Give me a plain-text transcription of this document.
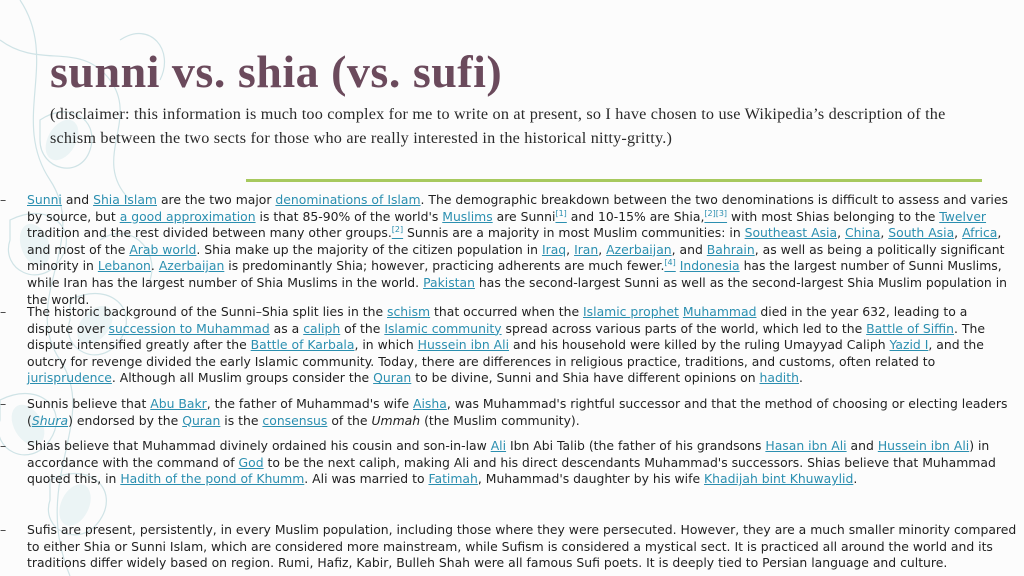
sunni vs. shia (vs. sufi)
(disclaimer: this information is much too complex for me to write on at present, so I have chosen to use Wikipedia’s description of the schism between the two sects for those who are really interested in the historical nitty-gritty.)
–	Sunni and Shia Islam are the two major denominations of Islam. The demographic breakdown between the two denominations is difficult to assess and varies by source, but a good approximation is that 85-90% of the world's Muslims are Sunni[1] and 10-15% are Shia,[2][3] with most Shias belonging to the Twelver tradition and the rest divided between many other groups.[2] Sunnis are a majority in most Muslim communities: in Southeast Asia, China, South Asia, Africa, and most of the Arab world. Shia make up the majority of the citizen population in Iraq, Iran, Azerbaijan, and Bahrain, as well as being a politically significant minority in Lebanon. Azerbaijan is predominantly Shia; however, practicing adherents are much fewer.[4] Indonesia has the largest number of Sunni Muslims, while Iran has the largest number of Shia Muslims in the world. Pakistan has the second-largest Sunni as well as the second-largest Shia Muslim population in the world.
–	The historic background of the Sunni–Shia split lies in the schism that occurred when the Islamic prophet Muhammad died in the year 632, leading to a dispute over succession to Muhammad as a caliph of the Islamic community spread across various parts of the world, which led to the Battle of Siffin. The dispute intensified greatly after the Battle of Karbala, in which Hussein ibn Ali and his household were killed by the ruling Umayyad Caliph Yazid I, and the outcry for revenge divided the early Islamic community. Today, there are differences in religious practice, traditions, and customs, often related to jurisprudence. Although all Muslim groups consider the Quran to be divine, Sunni and Shia have different opinions on hadith.
–	Sunnis believe that Abu Bakr, the father of Muhammad's wife Aisha, was Muhammad's rightful successor and that the method of choosing or electing leaders (Shura) endorsed by the Quran is the consensus of the Ummah (the Muslim community).
–	Shias believe that Muhammad divinely ordained his cousin and son-in-law Ali Ibn Abi Talib (the father of his grandsons Hasan ibn Ali and Hussein ibn Ali) in accordance with the command of God to be the next caliph, making Ali and his direct descendants Muhammad's successors. Shias believe that Muhammad quoted this, in Hadith of the pond of Khumm. Ali was married to Fatimah, Muhammad's daughter by his wife Khadijah bint Khuwaylid.
–	Sufis are present, persistently, in every Muslim population, including those where they were persecuted. However, they are a much smaller minority compared to either Shia or Sunni Islam, which are considered more mainstream, while Sufism is considered a mystical sect. It is practiced all around the world and its traditions differ widely based on region. Rumi, Hafiz, Kabir, Bulleh Shah were all famous Sufi poets. It is deeply tied to Persian language and culture.
